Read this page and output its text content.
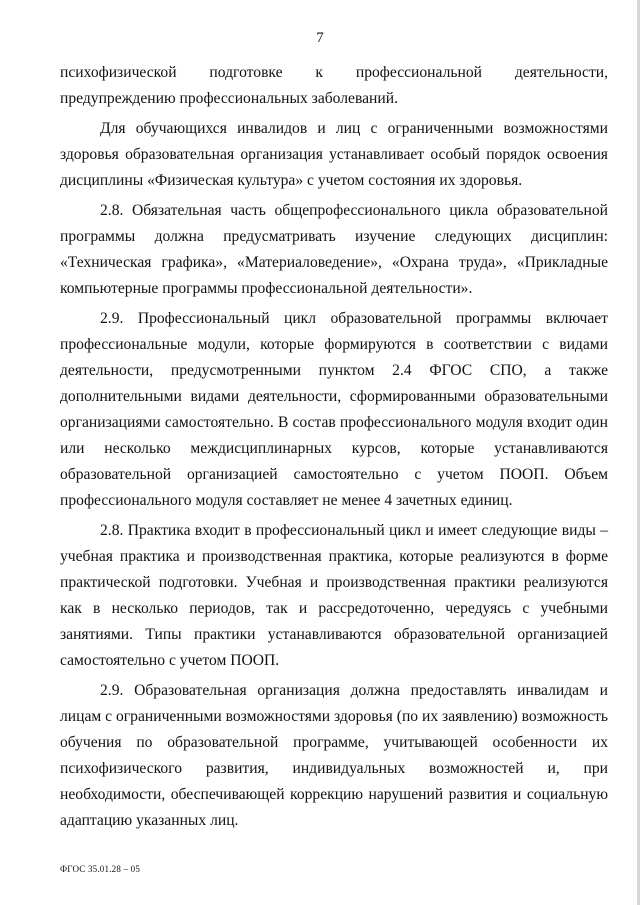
7

психофизической подготовке к профессиональной деятельности, предупреждению профессиональных заболеваний.

Для обучающихся инвалидов и лиц с ограниченными возможностями здоровья образовательная организация устанавливает особый порядок освоения дисциплины «Физическая культура» с учетом состояния их здоровья.

2.8. Обязательная часть общепрофессионального цикла образовательной программы должна предусматривать изучение следующих дисциплин: «Техническая графика», «Материаловедение», «Охрана труда», «Прикладные компьютерные программы профессиональной деятельности».

2.9. Профессиональный цикл образовательной программы включает профессиональные модули, которые формируются в соответствии с видами деятельности, предусмотренными пунктом 2.4 ФГОС СПО, а также дополнительными видами деятельности, сформированными образовательными организациями самостоятельно. В состав профессионального модуля входит один или несколько междисциплинарных курсов, которые устанавливаются образовательной организацией самостоятельно с учетом ПООП. Объем профессионального модуля составляет не менее 4 зачетных единиц.

2.8. Практика входит в профессиональный цикл и имеет следующие виды – учебная практика и производственная практика, которые реализуются в форме практической подготовки. Учебная и производственная практики реализуются как в несколько периодов, так и рассредоточенно, чередуясь с учебными занятиями. Типы практики устанавливаются образовательной организацией самостоятельно с учетом ПООП.

2.9. Образовательная организация должна предоставлять инвалидам и лицам с ограниченными возможностями здоровья (по их заявлению) возможность обучения по образовательной программе, учитывающей особенности их психофизического развития, индивидуальных возможностей и, при необходимости, обеспечивающей коррекцию нарушений развития и социальную адаптацию указанных лиц.

ФГОС 35.01.28 – 05
